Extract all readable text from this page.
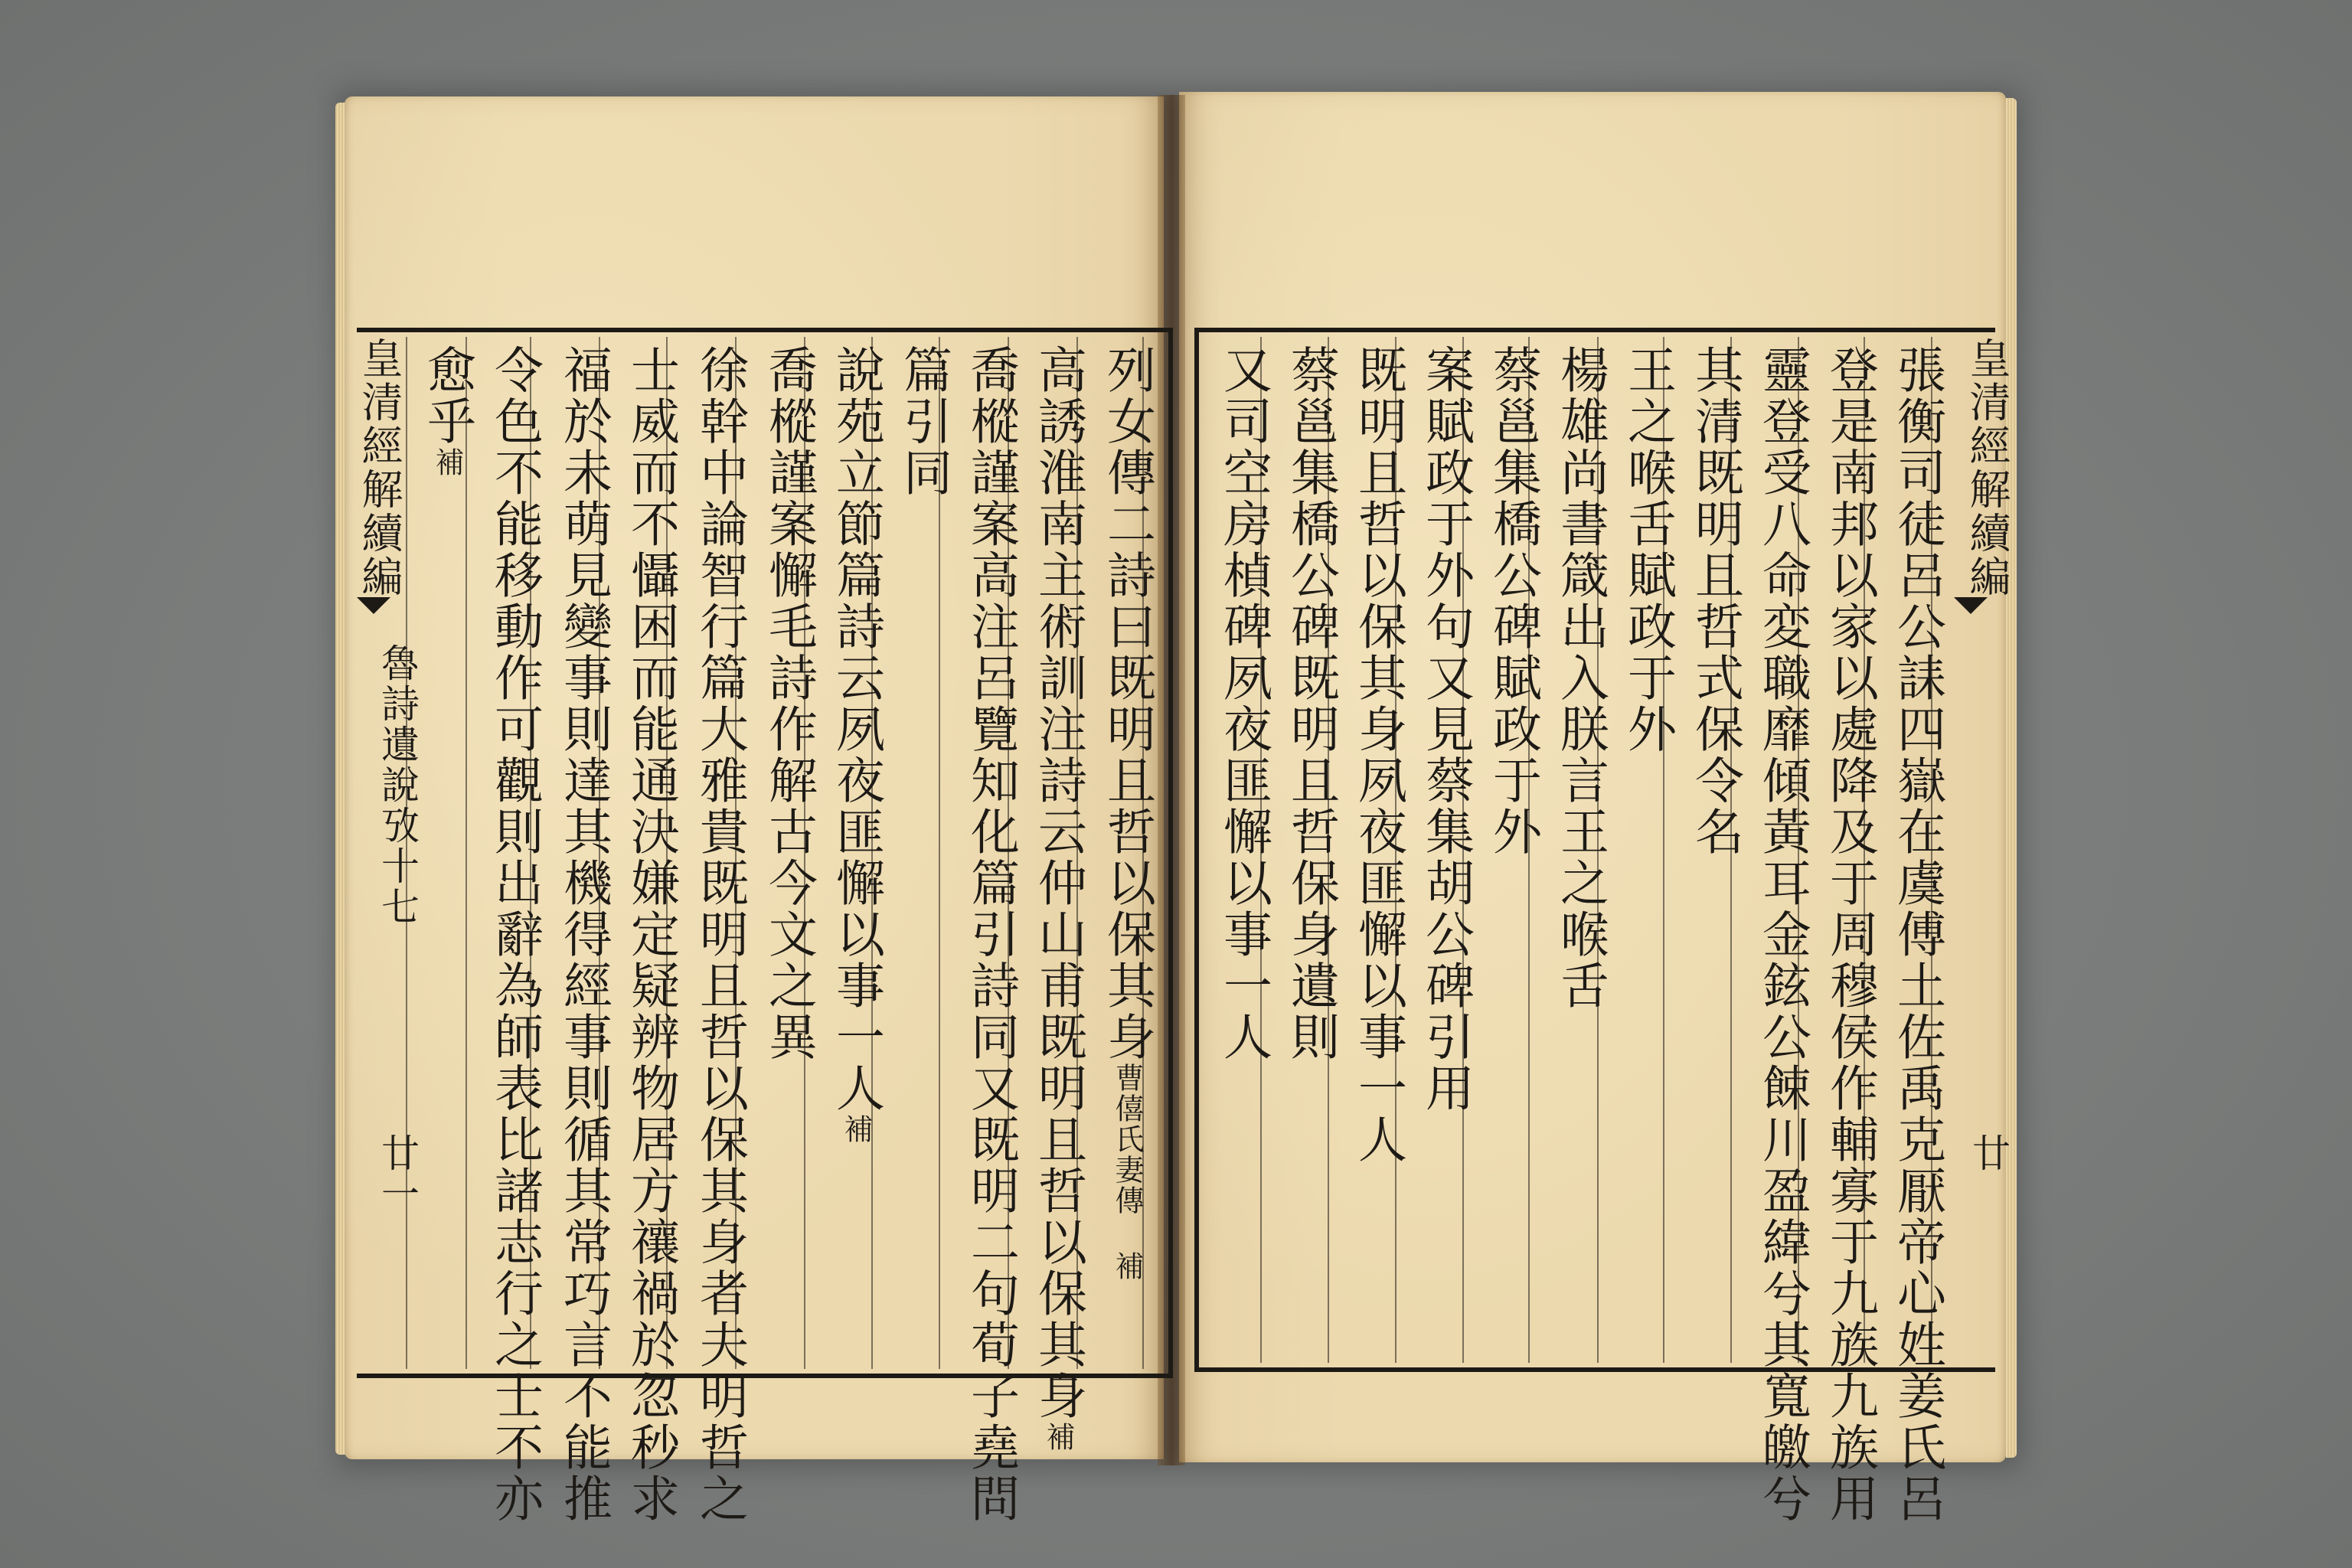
皇清經解續編
魯詩遺說攷十七
廿一
列女傳二詩曰既明且哲以保其身曹僖氏妻傳 補
高誘淮南主術訓注詩云仲山甫既明且哲以保其身補
喬樅謹案高注呂覽知化篇引詩同又既明二句荀子堯問
篇引同
說苑立節篇詩云夙夜匪懈以事一人補
喬樅謹案懈毛詩作解古今文之異
徐幹中論智行篇大雅貴既明且哲以保其身者夫明哲之
士威而不懾困而能通決嫌定疑辨物居方禳禍於忽秒求
福於未萌見變事則達其機得經事則循其常巧言不能推
令色不能移動作可觀則出辭為師表比諸志行之士不亦
愈乎補	皇清經解續編
廿
張衡司徒呂公誄四嶽在虞傅土佐禹克厭帝心姓姜氏呂
登是南邦以家以處降及于周穆侯作輔寡于九族九族用
靈登受八命変職靡傾黃耳金鉉公餗川盈緯兮其寬皦兮
其清既明且哲式保令名
王之喉舌賦政于外
楊雄尚書箴出入朕言王之喉舌
蔡邕集橋公碑賦政于外
案賦政于外句又見蔡集胡公碑引用
既明且哲以保其身夙夜匪懈以事一人
蔡邕集橋公碑既明且哲保身遺則
又司空房楨碑夙夜匪懈以事一人
